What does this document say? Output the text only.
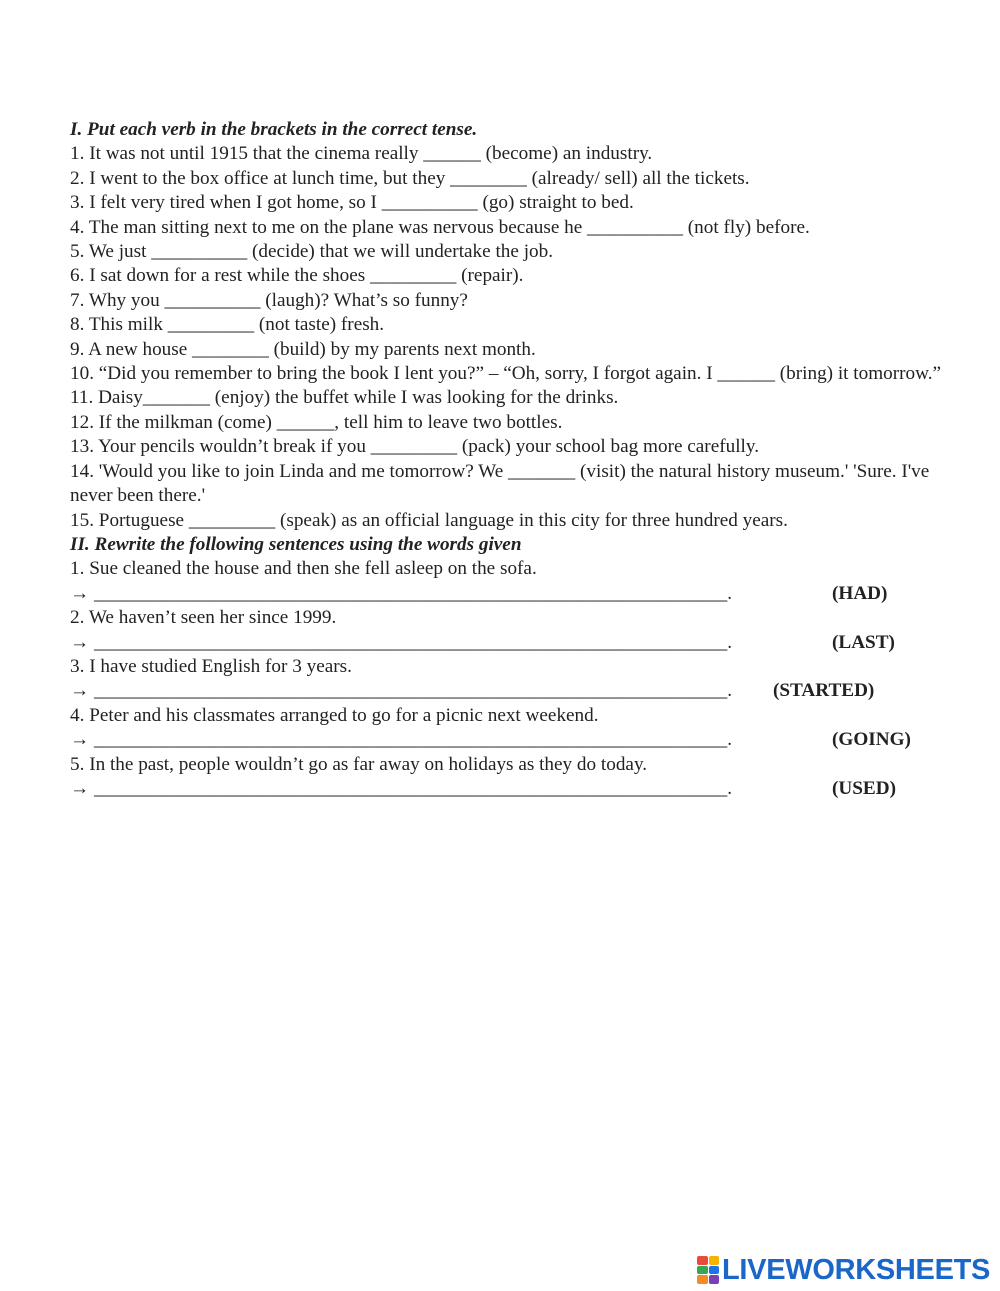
I. Put each verb in the brackets in the correct tense.
1. It was not until 1915 that the cinema really ______ (become) an industry.
2. I went to the box office at lunch time, but they ________ (already/ sell) all the tickets.
3. I felt very tired when I got home, so I __________ (go) straight to bed.
4. The man sitting next to me on the plane was nervous because he __________ (not fly) before.
5. We just __________ (decide) that we will undertake the job.
6. I sat down for a rest while the shoes _________ (repair).
7. Why you __________ (laugh)? What’s so funny?
8. This milk _________ (not taste) fresh.
9. A new house ________ (build) by my parents next month.
10. “Did you remember to bring the book I lent you?” – “Oh, sorry, I forgot again. I ______ (bring) it tomorrow.”
11. Daisy_______ (enjoy) the buffet while I was looking for the drinks.
12. If the milkman (come) ______, tell him to leave two bottles.
13. Your pencils wouldn’t break if you _________ (pack) your school bag more carefully.
14. 'Would you like to join Linda and me tomorrow? We _______ (visit) the natural history museum.' 'Sure. I've never been there.'
15. Portuguese _________ (speak) as an official language in this city for three hundred years.
II. Rewrite the following sentences using the words given
1. Sue cleaned the house and then she fell asleep on the sofa.
→ __________________________________________________________________.	(HAD)
2. We haven’t seen her since 1999.
→ __________________________________________________________________.	(LAST)
3. I have studied English for 3 years.
→ __________________________________________________________________. (STARTED)
4. Peter and his classmates arranged to go for a picnic next weekend.
→ __________________________________________________________________.	(GOING)
5. In the past, people wouldn’t go as far away on holidays as they do today.
→ __________________________________________________________________.	(USED)
LIVEWORKSHEETS
